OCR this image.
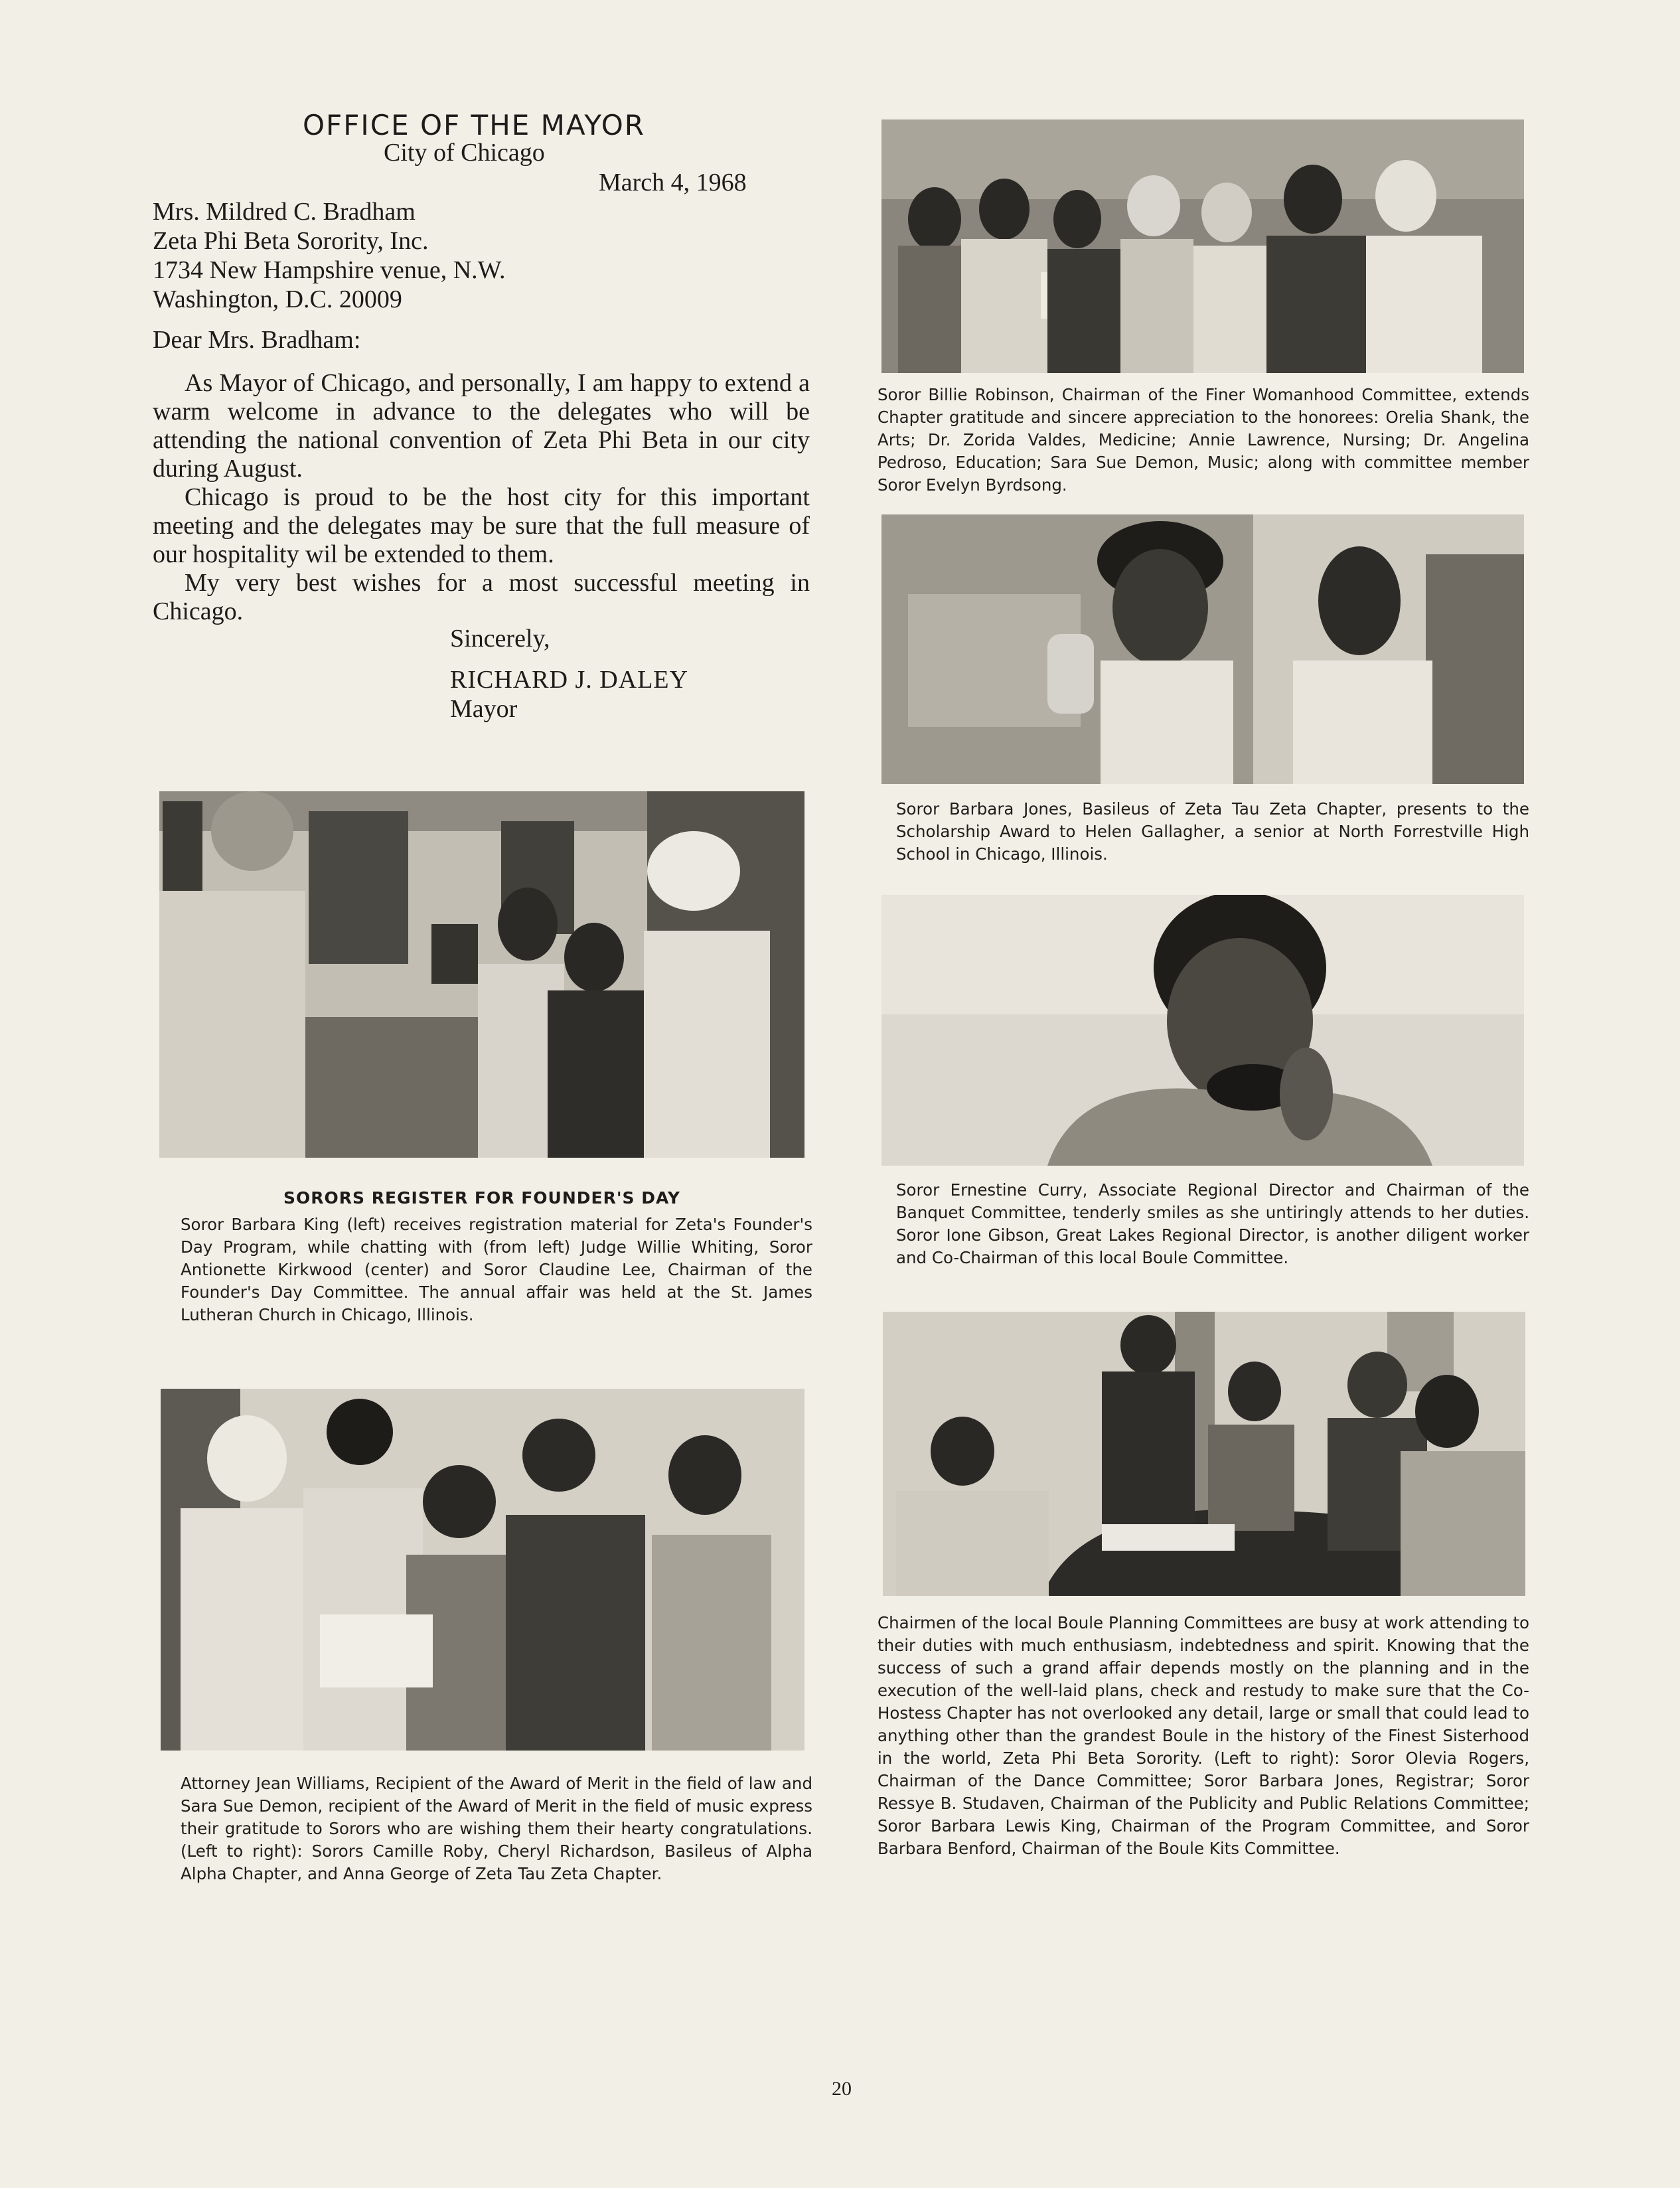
OFFICE OF THE MAYOR
City of Chicago
March 4, 1968
Mrs. Mildred C. Bradham
Zeta Phi Beta Sorority, Inc.
1734 New Hampshire venue, N.W.
Washington, D.C. 20009
Dear Mrs. Bradham:

As Mayor of Chicago, and personally, I am happy to extend a warm welcome in advance to the delegates who will be attending the national convention of Zeta Phi Beta in our city during August.

Chicago is proud to be the host city for this important meeting and the delegates may be sure that the full measure of our hospitality wil be extended to them.

My very best wishes for a most successful meeting in Chicago.

Sincerely,
RICHARD J. DALEY
Mayor
Soror Billie Robinson, Chairman of the Finer Womanhood Committee, extends Chapter gratitude and sincere appreciation to the honorees: Orelia Shank, the Arts; Dr. Zorida Valdes, Medicine; Annie Lawrence, Nursing; Dr. Angelina Pedroso, Education; Sara Sue Demon, Music; along with committee member Soror Evelyn Byrdsong.
Soror Barbara Jones, Basileus of Zeta Tau Zeta Chapter, presents to the Scholarship Award to Helen Gallagher, a senior at North Forrestville High School in Chicago, Illinois.
SORORS REGISTER FOR FOUNDER'S DAY
Soror Barbara King (left) receives registration material for Zeta's Founder's Day Program, while chatting with (from left) Judge Willie Whiting, Soror Antionette Kirkwood (center) and Soror Claudine Lee, Chairman of the Founder's Day Committee. The annual affair was held at the St. James Lutheran Church in Chicago, Illinois.
Soror Ernestine Curry, Associate Regional Director and Chairman of the Banquet Committee, tenderly smiles as she untiringly attends to her duties. Soror Ione Gibson, Great Lakes Regional Director, is another diligent worker and Co-Chairman of this local Boule Committee.
Attorney Jean Williams, Recipient of the Award of Merit in the field of law and Sara Sue Demon, recipient of the Award of Merit in the field of music express their gratitude to Sorors who are wishing them their hearty congratulations. (Left to right): Sorors Camille Roby, Cheryl Richardson, Basileus of Alpha Alpha Chapter, and Anna George of Zeta Tau Zeta Chapter.
Chairmen of the local Boule Planning Committees are busy at work attending to their duties with much enthusiasm, indebtedness and spirit. Knowing that the success of such a grand affair depends mostly on the planning and in the execution of the well-laid plans, check and restudy to make sure that the Co-Hostess Chapter has not overlooked any detail, large or small that could lead to anything other than the grandest Boule in the history of the Finest Sisterhood in the world, Zeta Phi Beta Sorority. (Left to right): Soror Olevia Rogers, Chairman of the Dance Committee; Soror Barbara Jones, Registrar; Soror Ressye B. Studaven, Chairman of the Publicity and Public Relations Committee; Soror Barbara Lewis King, Chairman of the Program Committee, and Soror Barbara Benford, Chairman of the Boule Kits Committee.
20
